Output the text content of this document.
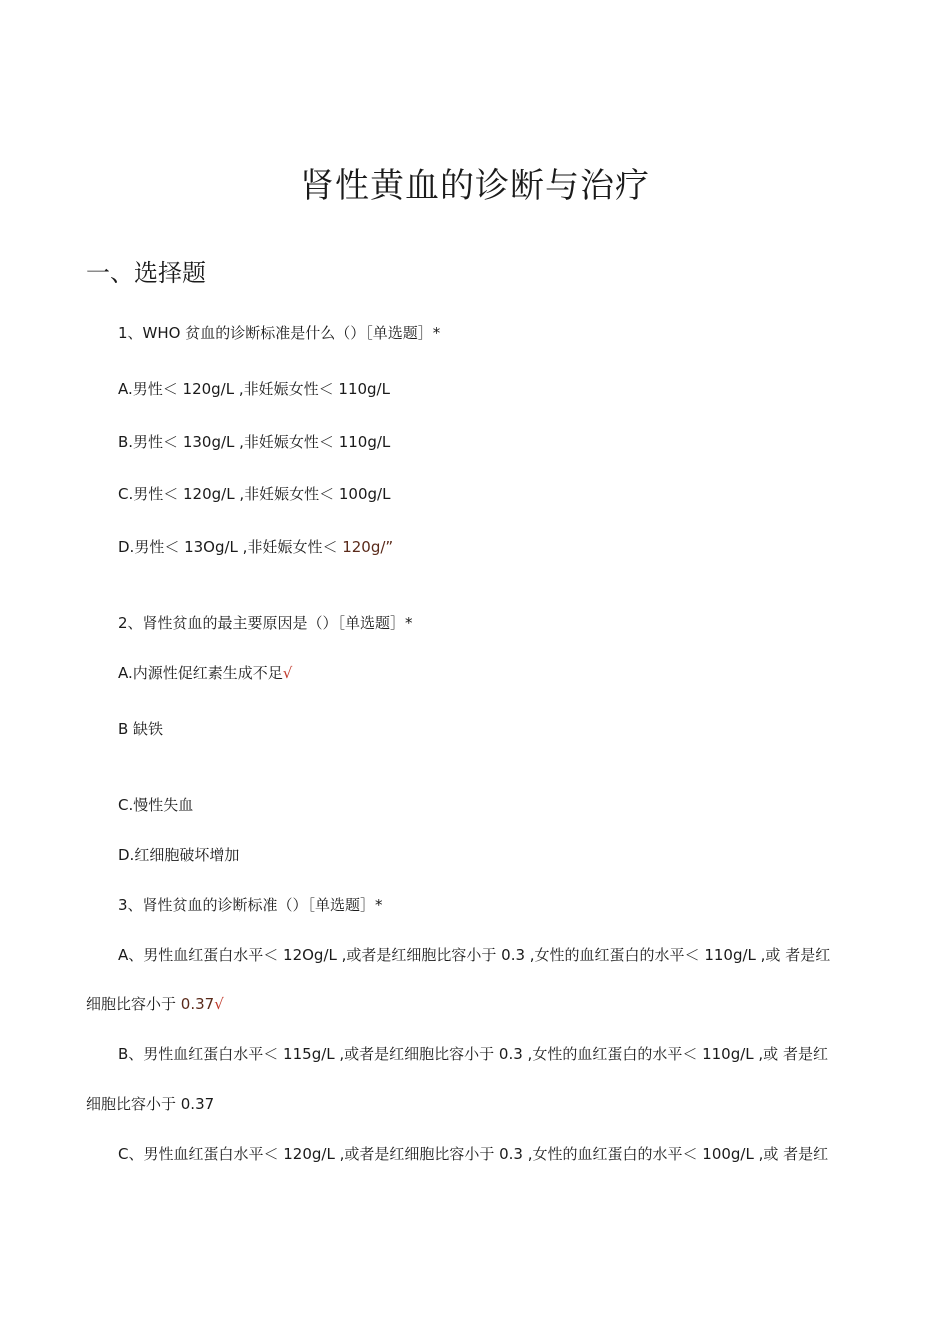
肾性黄血的诊断与治疗
一、选择题

1、WHO 贫血的诊断标准是什么（）［单选题］*

A.男性＜ 120g/L ,非妊娠女性＜ 110g/L

B.男性＜ 130g/L ,非妊娠女性＜ 110g/L

C.男性＜ 120g/L ,非妊娠女性＜ 100g/L

D.男性＜ 13Og/L ,非妊娠女性＜ 120g/”

2、肾性贫血的最主要原因是（）［单选题］*

A.内源性促红素生成不足√

B 缺铁

C.慢性失血

D.红细胞破坏增加

3、肾性贫血的诊断标准（）［单选题］*

A、男性血红蛋白水平＜ 12Og/L ,或者是红细胞比容小于 0.3 ,女性的血红蛋白的水平＜ 110g/L ,或 者是红

细胞比容小于 0.37√

B、男性血红蛋白水平＜ 115g/L ,或者是红细胞比容小于 0.3 ,女性的血红蛋白的水平＜ 110g/L ,或 者是红

细胞比容小于 0.37

C、男性血红蛋白水平＜ 120g/L ,或者是红细胞比容小于 0.3 ,女性的血红蛋白的水平＜ 100g/L ,或 者是红
